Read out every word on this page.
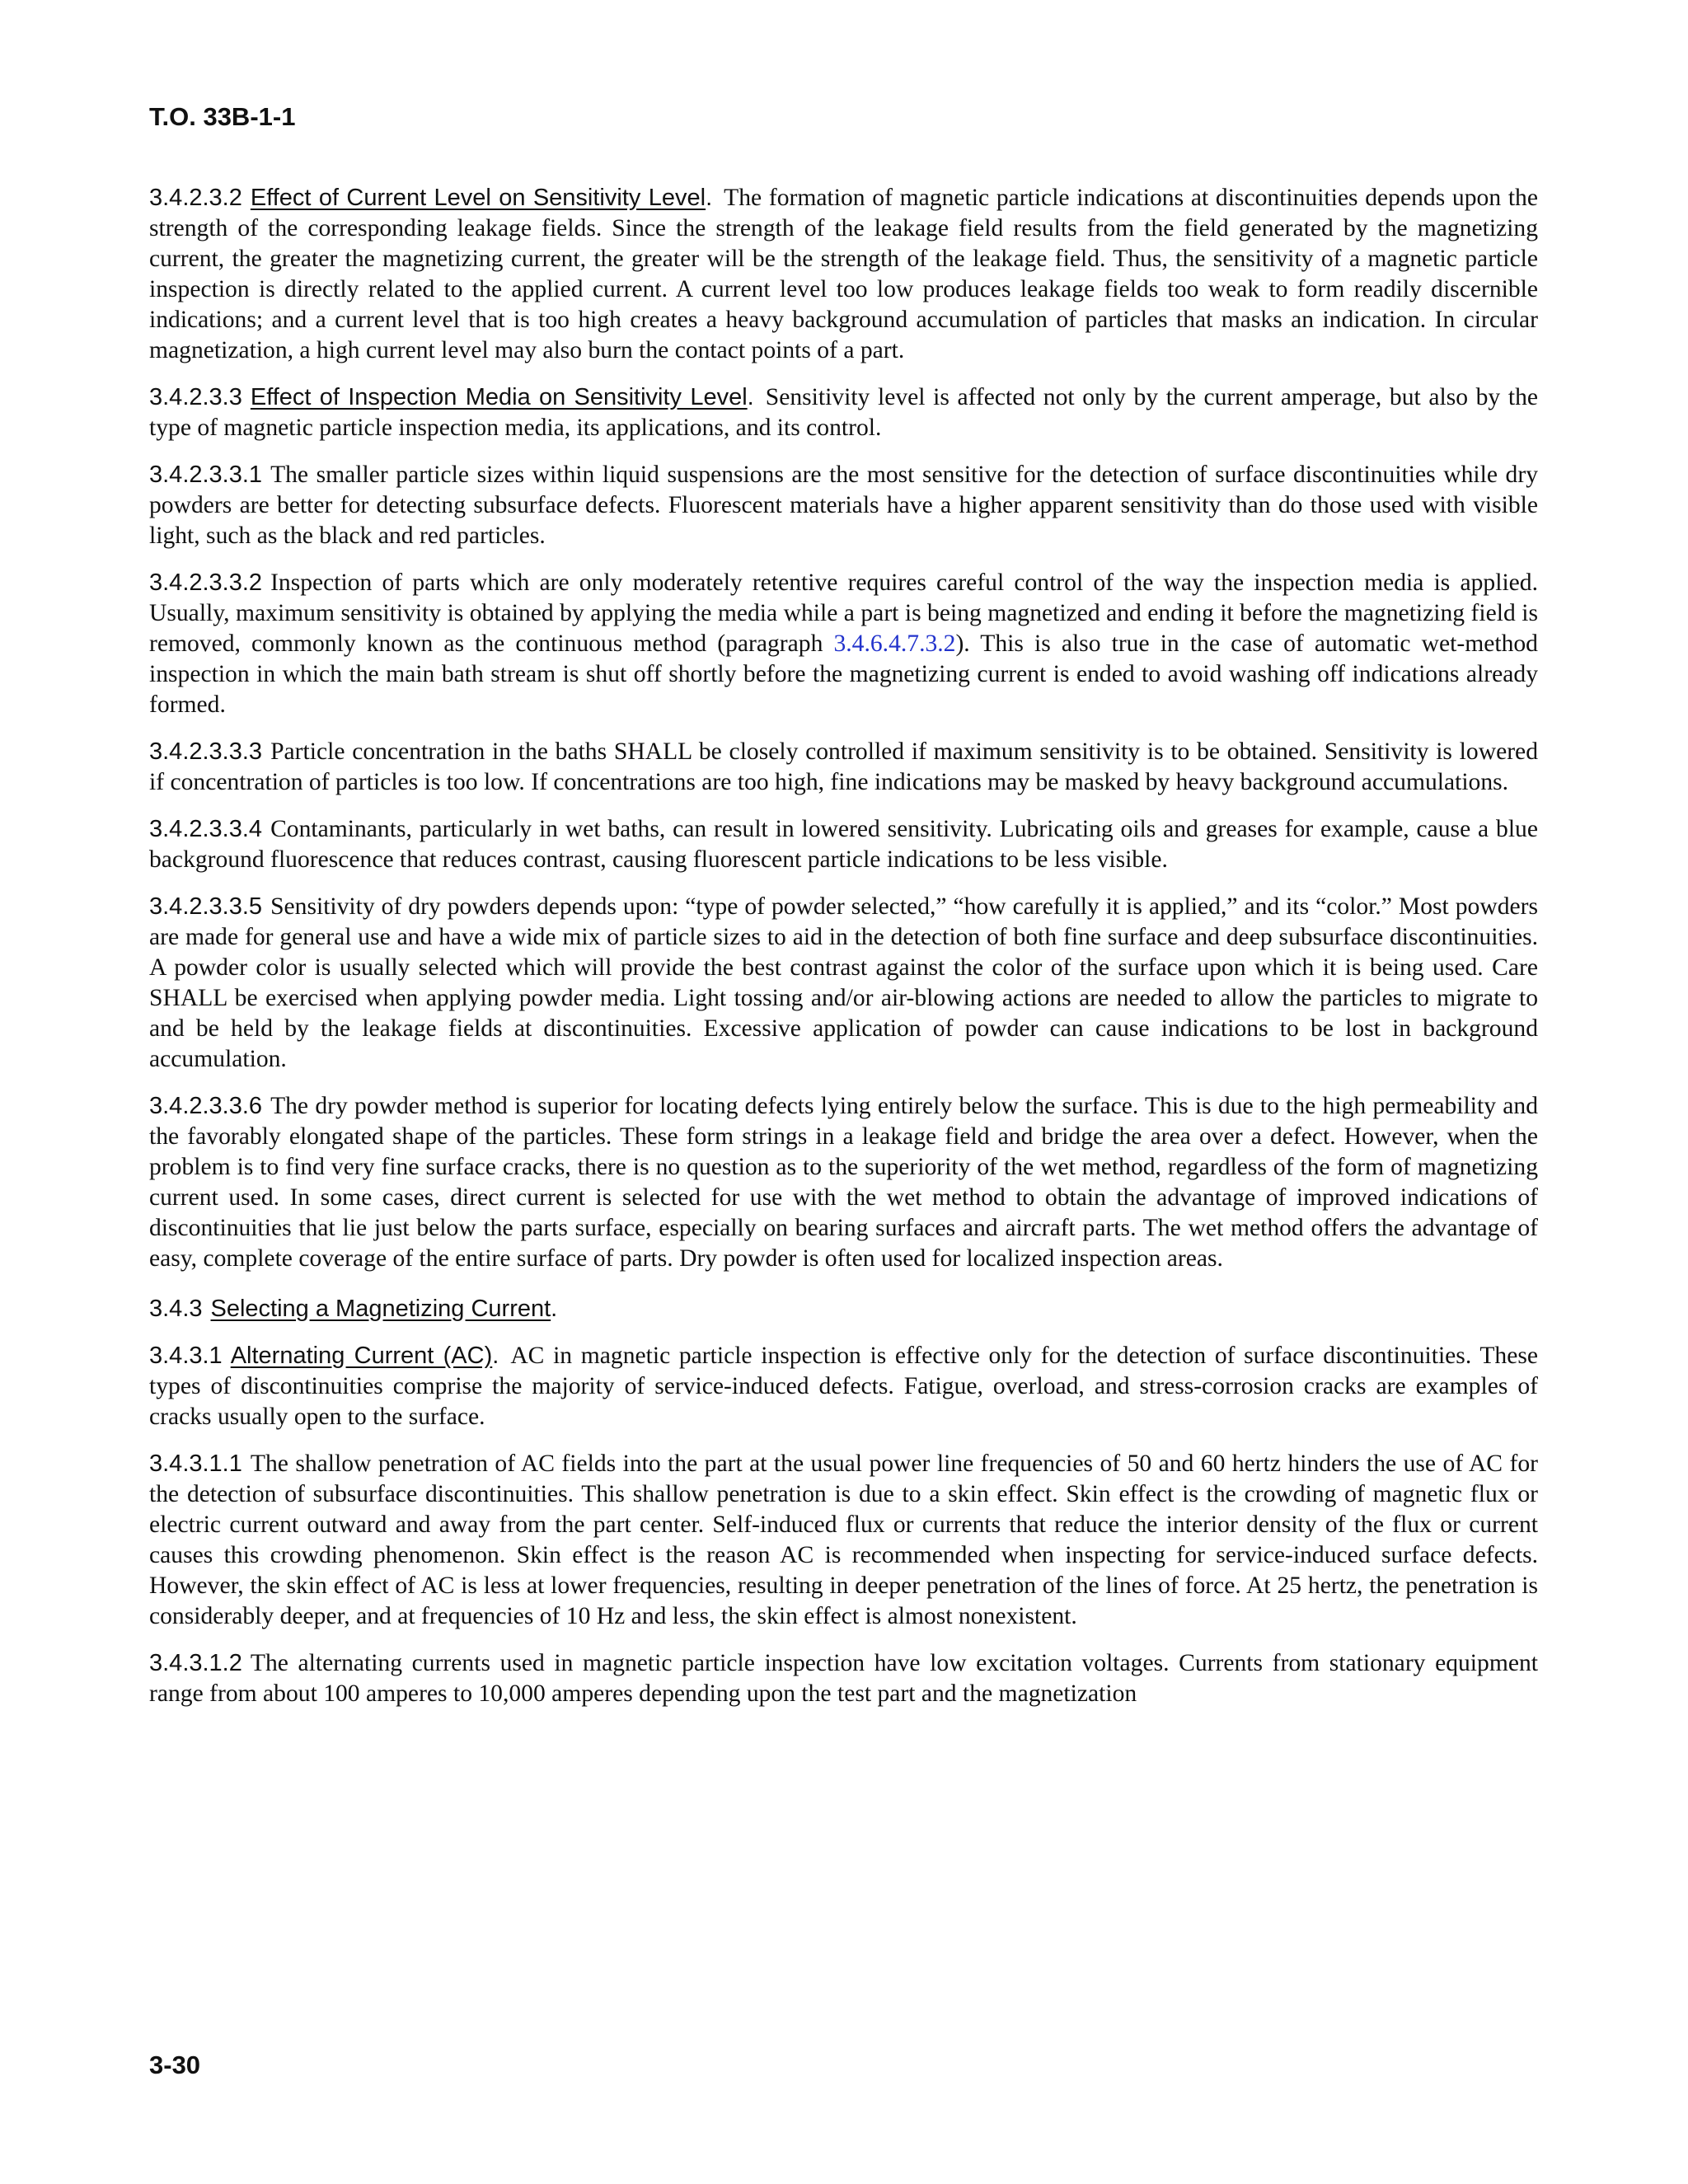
T.O. 33B-1-1

3.4.2.3.2 Effect of Current Level on Sensitivity Level. The formation of magnetic particle indications at discontinuities depends upon the strength of the corresponding leakage fields. Since the strength of the leakage field results from the field generated by the magnetizing current, the greater the magnetizing current, the greater will be the strength of the leakage field. Thus, the sensitivity of a magnetic particle inspection is directly related to the applied current. A current level too low produces leakage fields too weak to form readily discernible indications; and a current level that is too high creates a heavy background accumulation of particles that masks an indication. In circular magnetization, a high current level may also burn the contact points of a part.

3.4.2.3.3 Effect of Inspection Media on Sensitivity Level. Sensitivity level is affected not only by the current amperage, but also by the type of magnetic particle inspection media, its applications, and its control.

3.4.2.3.3.1 The smaller particle sizes within liquid suspensions are the most sensitive for the detection of surface discontinuities while dry powders are better for detecting subsurface defects. Fluorescent materials have a higher apparent sensitivity than do those used with visible light, such as the black and red particles.

3.4.2.3.3.2 Inspection of parts which are only moderately retentive requires careful control of the way the inspection media is applied. Usually, maximum sensitivity is obtained by applying the media while a part is being magnetized and ending it before the magnetizing field is removed, commonly known as the continuous method (paragraph 3.4.6.4.7.3.2). This is also true in the case of automatic wet-method inspection in which the main bath stream is shut off shortly before the magnetizing current is ended to avoid washing off indications already formed.

3.4.2.3.3.3 Particle concentration in the baths SHALL be closely controlled if maximum sensitivity is to be obtained. Sensitivity is lowered if concentration of particles is too low. If concentrations are too high, fine indications may be masked by heavy background accumulations.

3.4.2.3.3.4 Contaminants, particularly in wet baths, can result in lowered sensitivity. Lubricating oils and greases for example, cause a blue background fluorescence that reduces contrast, causing fluorescent particle indications to be less visible.

3.4.2.3.3.5 Sensitivity of dry powders depends upon: “type of powder selected,” “how carefully it is applied,” and its “color.” Most powders are made for general use and have a wide mix of particle sizes to aid in the detection of both fine surface and deep subsurface discontinuities. A powder color is usually selected which will provide the best contrast against the color of the surface upon which it is being used. Care SHALL be exercised when applying powder media. Light tossing and/or air-blowing actions are needed to allow the particles to migrate to and be held by the leakage fields at discontinuities. Excessive application of powder can cause indications to be lost in background accumulation.

3.4.2.3.3.6 The dry powder method is superior for locating defects lying entirely below the surface. This is due to the high permeability and the favorably elongated shape of the particles. These form strings in a leakage field and bridge the area over a defect. However, when the problem is to find very fine surface cracks, there is no question as to the superiority of the wet method, regardless of the form of magnetizing current used. In some cases, direct current is selected for use with the wet method to obtain the advantage of improved indications of discontinuities that lie just below the parts surface, especially on bearing surfaces and aircraft parts. The wet method offers the advantage of easy, complete coverage of the entire surface of parts. Dry powder is often used for localized inspection areas.

3.4.3 Selecting a Magnetizing Current.

3.4.3.1 Alternating Current (AC). AC in magnetic particle inspection is effective only for the detection of surface discontinuities. These types of discontinuities comprise the majority of service-induced defects. Fatigue, overload, and stress-corrosion cracks are examples of cracks usually open to the surface.

3.4.3.1.1 The shallow penetration of AC fields into the part at the usual power line frequencies of 50 and 60 hertz hinders the use of AC for the detection of subsurface discontinuities. This shallow penetration is due to a skin effect. Skin effect is the crowding of magnetic flux or electric current outward and away from the part center. Self-induced flux or currents that reduce the interior density of the flux or current causes this crowding phenomenon. Skin effect is the reason AC is recommended when inspecting for service-induced surface defects. However, the skin effect of AC is less at lower frequencies, resulting in deeper penetration of the lines of force. At 25 hertz, the penetration is considerably deeper, and at frequencies of 10 Hz and less, the skin effect is almost nonexistent.

3.4.3.1.2 The alternating currents used in magnetic particle inspection have low excitation voltages. Currents from stationary equipment range from about 100 amperes to 10,000 amperes depending upon the test part and the magnetization

3-30
